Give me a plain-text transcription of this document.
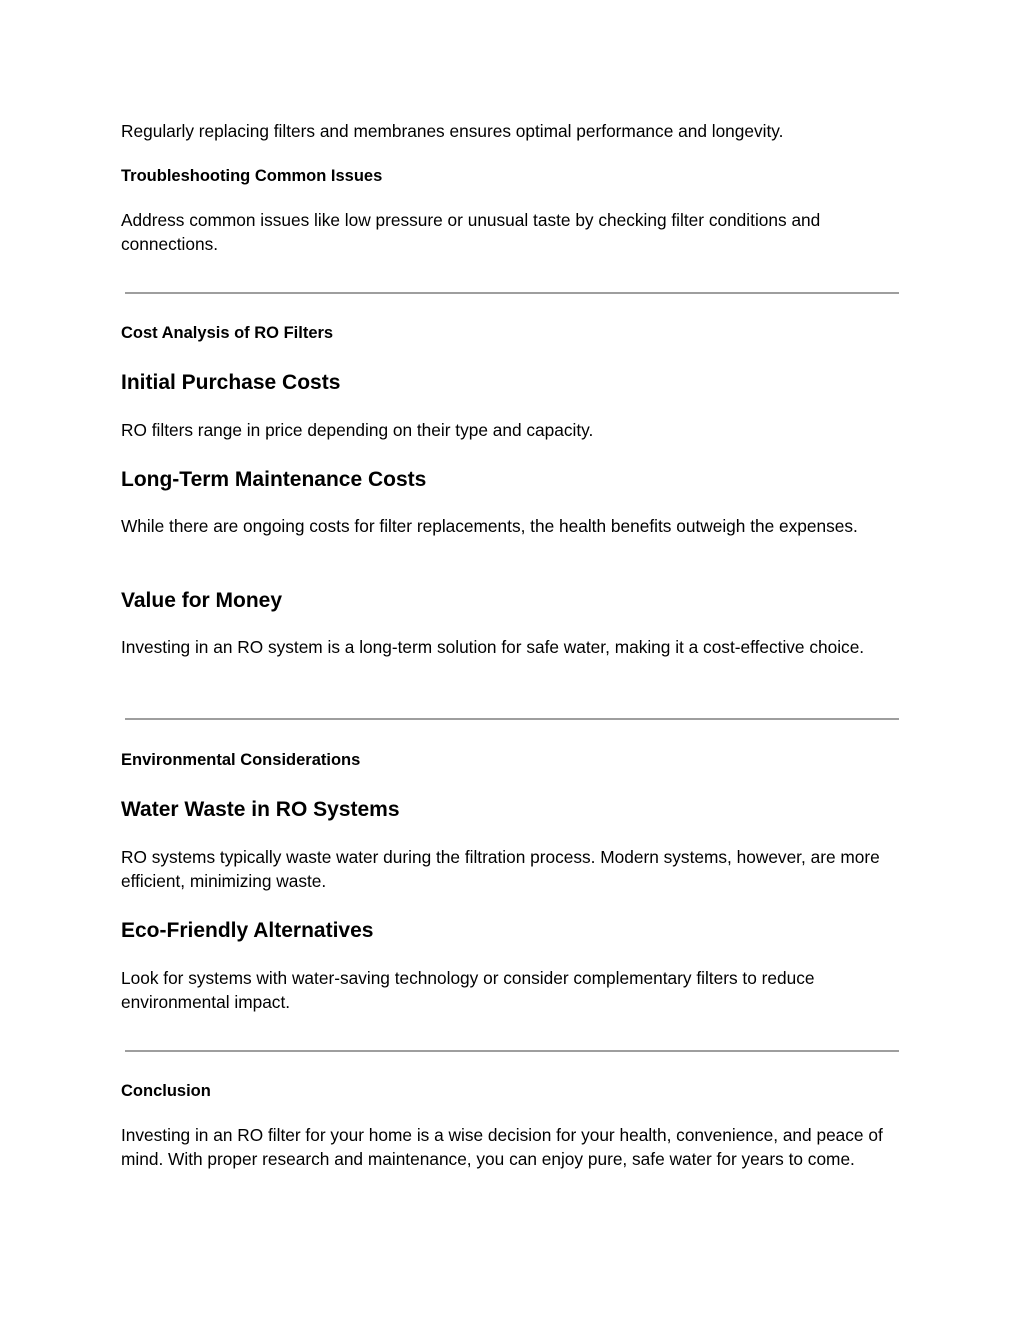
Regularly replacing filters and membranes ensures optimal performance and longevity.

Troubleshooting Common Issues

Address common issues like low pressure or unusual taste by checking filter conditions and connections.

Cost Analysis of RO Filters
Initial Purchase Costs

RO filters range in price depending on their type and capacity.

Long-Term Maintenance Costs

While there are ongoing costs for filter replacements, the health benefits outweigh the expenses.

Value for Money

Investing in an RO system is a long-term solution for safe water, making it a cost-effective choice.

Environmental Considerations
Water Waste in RO Systems

RO systems typically waste water during the filtration process. Modern systems, however, are more efficient, minimizing waste.

Eco-Friendly Alternatives

Look for systems with water-saving technology or consider complementary filters to reduce environmental impact.

Conclusion

Investing in an RO filter for your home is a wise decision for your health, convenience, and peace of mind. With proper research and maintenance, you can enjoy pure, safe water for years to come.
